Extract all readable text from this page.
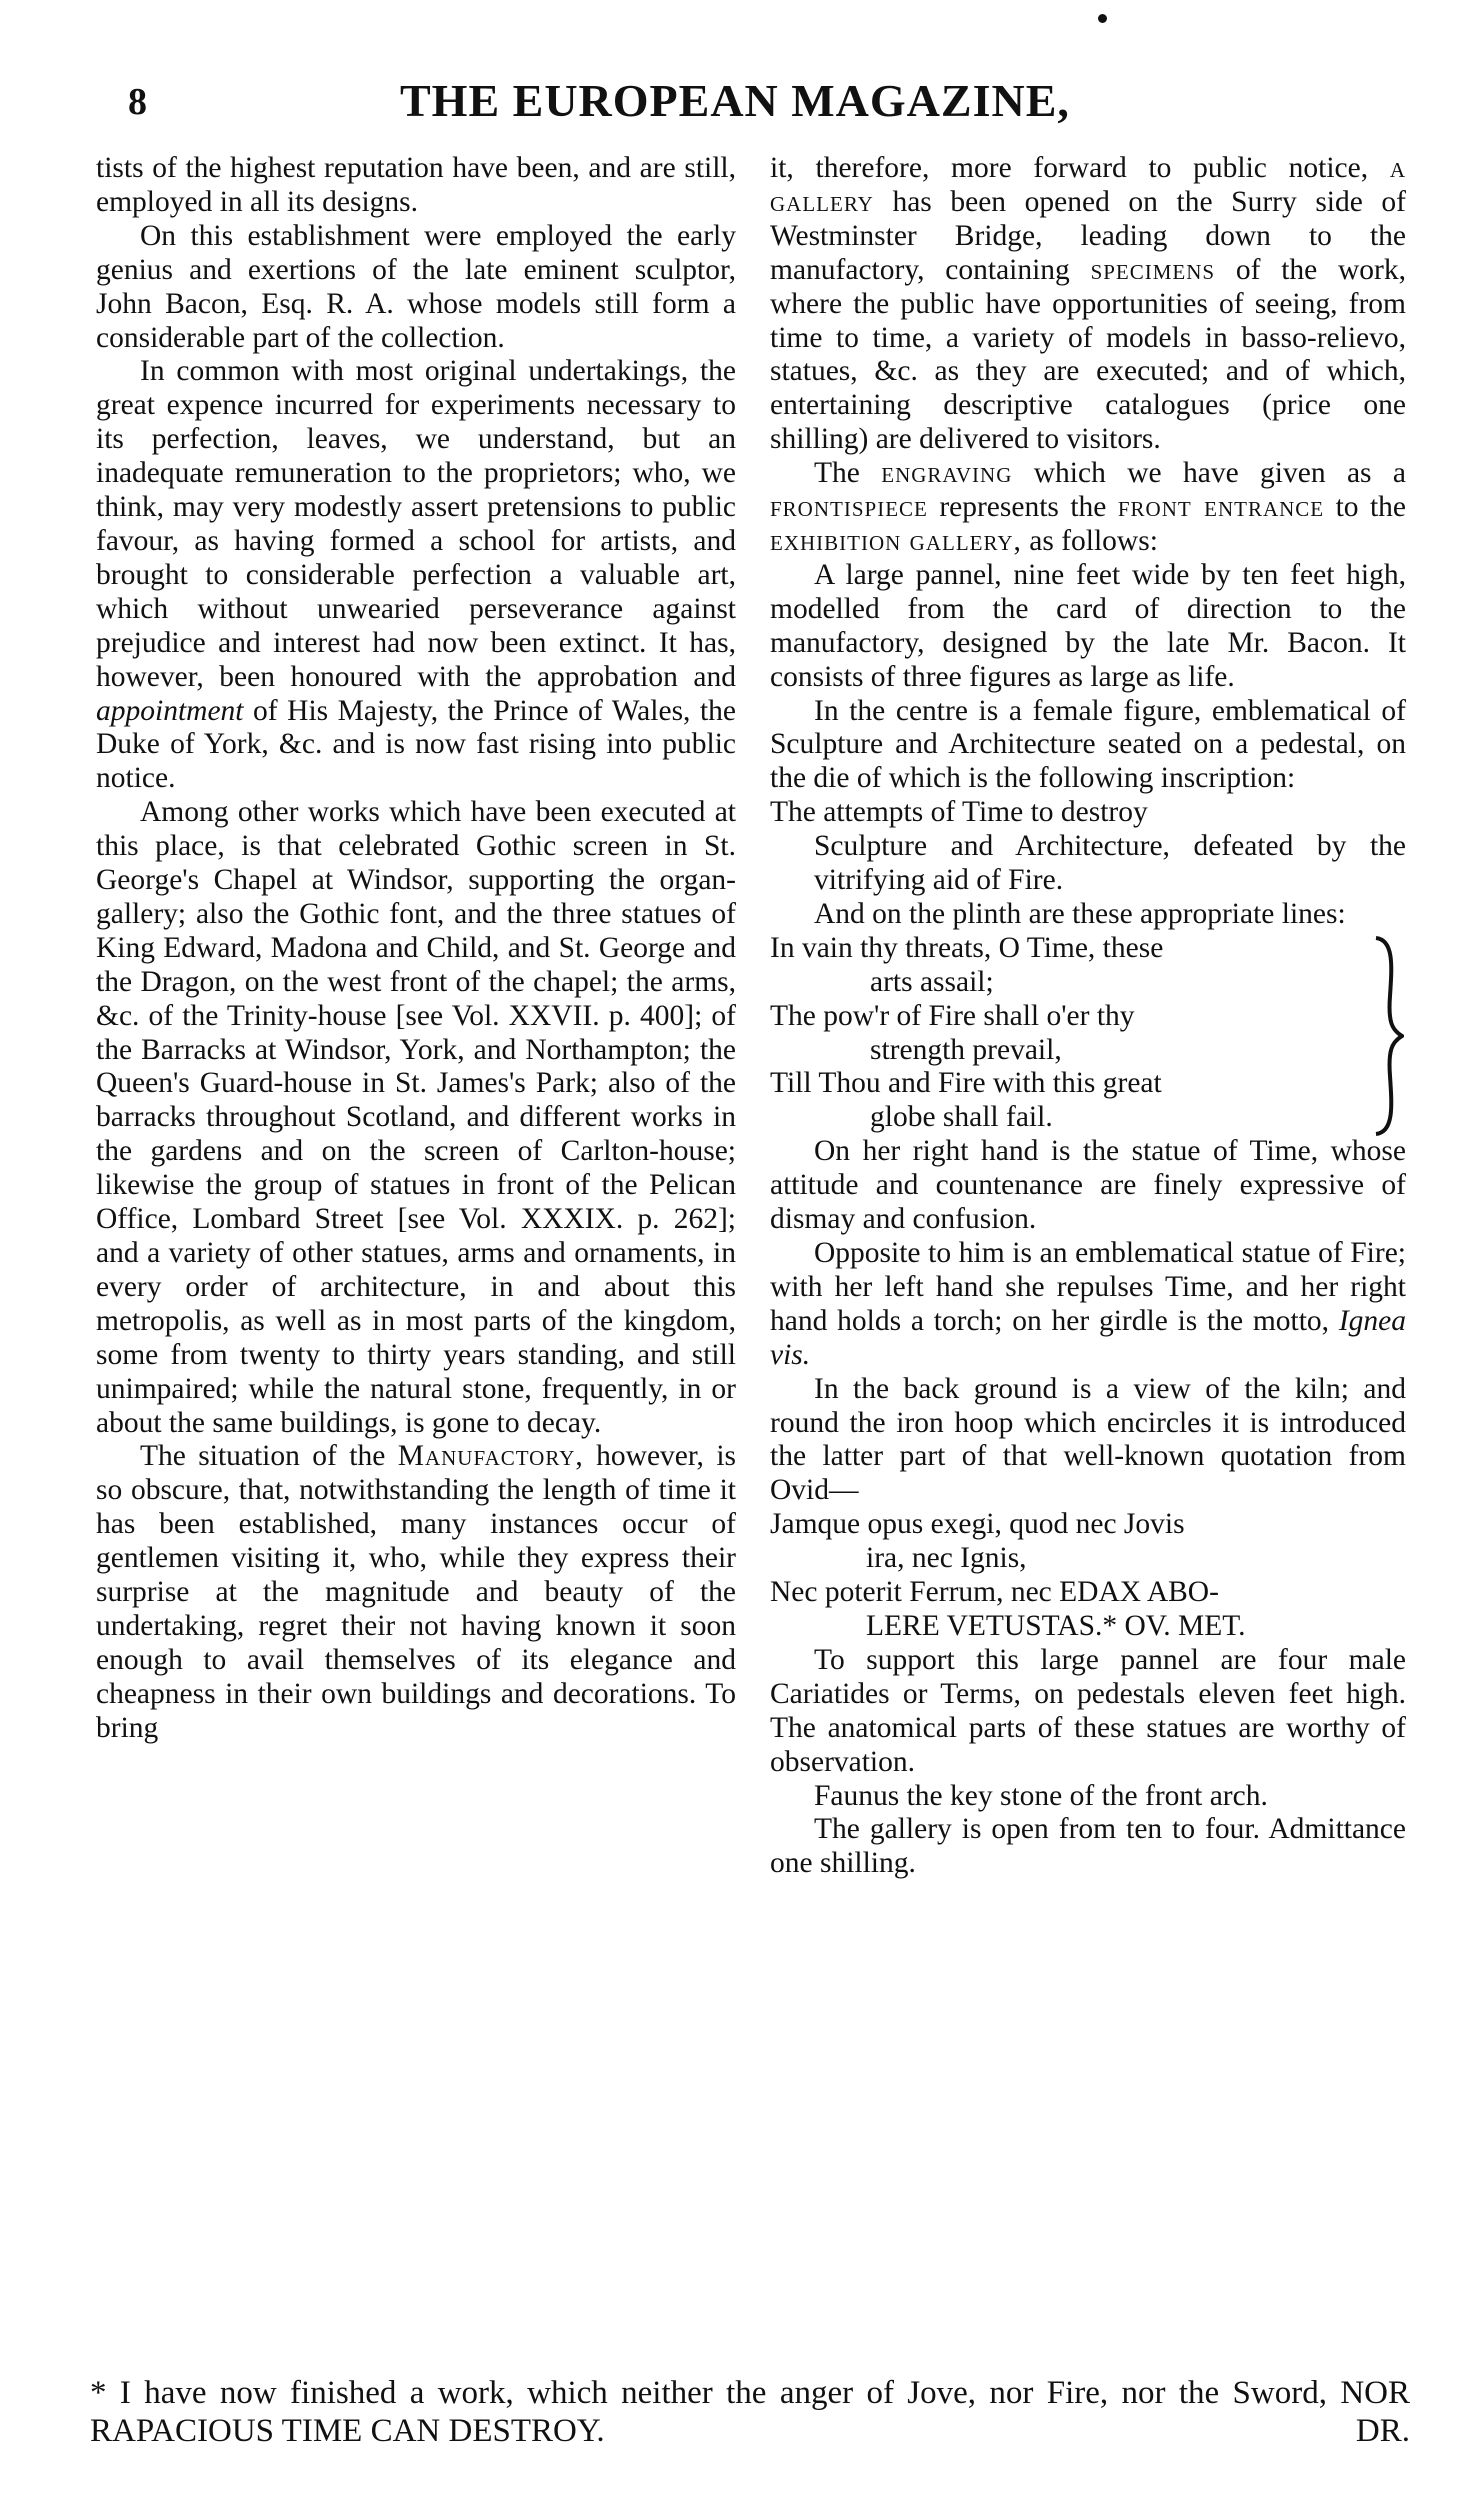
8	THE EUROPEAN MAGAZINE,

tists of the highest reputation have been, and are still, employed in all its designs.

On this establishment were employed the early genius and exertions of the late eminent sculptor, John Bacon, Esq. R. A. whose models still form a considerable part of the collection.

In common with most original undertakings, the great expence incurred for experiments necessary to its perfection, leaves, we understand, but an inadequate remuneration to the proprietors; who, we think, may very modestly assert pretensions to public favour, as having formed a school for artists, and brought to considerable perfection a valuable art, which without unwearied perseverance against prejudice and interest had now been extinct. It has, however, been honoured with the approbation and appointment of His Majesty, the Prince of Wales, the Duke of York, &c. and is now fast rising into public notice.

Among other works which have been executed at this place, is that celebrated Gothic screen in St. George's Chapel at Windsor, supporting the organ-gallery; also the Gothic font, and the three statues of King Edward, Madona and Child, and St. George and the Dragon, on the west front of the chapel; the arms, &c. of the Trinity-house [see Vol. XXVII. p. 400]; of the Barracks at Windsor, York, and Northampton; the Queen's Guard-house in St. James's Park; also of the barracks throughout Scotland, and different works in the gardens and on the screen of Carlton-house; likewise the group of statues in front of the Pelican Office, Lombard Street [see Vol. XXXIX. p. 262]; and a variety of other statues, arms and ornaments, in every order of architecture, in and about this metropolis, as well as in most parts of the kingdom, some from twenty to thirty years standing, and still unimpaired; while the natural stone, frequently, in or about the same buildings, is gone to decay.

The situation of the Manufactory, however, is so obscure, that, notwithstanding the length of time it has been established, many instances occur of gentlemen visiting it, who, while they express their surprise at the magnitude and beauty of the undertaking, regret their not having known it soon enough to avail themselves of its elegance and cheapness in their own buildings and decorations. To bring

it, therefore, more forward to public notice, a gallery has been opened on the Surry side of Westminster Bridge, leading down to the manufactory, containing specimens of the work, where the public have opportunities of seeing, from time to time, a variety of models in basso-relievo, statues, &c. as they are executed; and of which, entertaining descriptive catalogues (price one shilling) are delivered to visitors.

The engraving which we have given as a frontispiece represents the front entrance to the exhibition gallery, as follows:

A large pannel, nine feet wide by ten feet high, modelled from the card of direction to the manufactory, designed by the late Mr. Bacon. It consists of three figures as large as life.

In the centre is a female figure, emblematical of Sculpture and Architecture seated on a pedestal, on the die of which is the following inscription:

The attempts of Time to destroy

Sculpture and Architecture, defeated by the vitrifying aid of Fire.

And on the plinth are these appropriate lines:

In vain thy threats, O Time, these

arts assail;

The pow'r of Fire shall o'er thy

strength prevail,

Till Thou and Fire with this great

globe shall fail.

On her right hand is the statue of Time, whose attitude and countenance are finely expressive of dismay and confusion.

Opposite to him is an emblematical statue of Fire; with her left hand she repulses Time, and her right hand holds a torch; on her girdle is the motto, Ignea vis.

In the back ground is a view of the kiln; and round the iron hoop which encircles it is introduced the latter part of that well-known quotation from Ovid—

Jamque opus exegi, quod nec Jovis

ira, nec Ignis,

Nec poterit Ferrum, nec EDAX ABO-

LERE VETUSTAS.* OV. MET.

To support this large pannel are four male Cariatides or Terms, on pedestals eleven feet high. The anatomical parts of these statues are worthy of observation.

Faunus the key stone of the front arch.

The gallery is open from ten to four. Admittance one shilling.

* I have now finished a work, which neither the anger of Jove, nor Fire, nor the Sword, NOR RAPACIOUS TIME CAN DESTROY.	DR.
